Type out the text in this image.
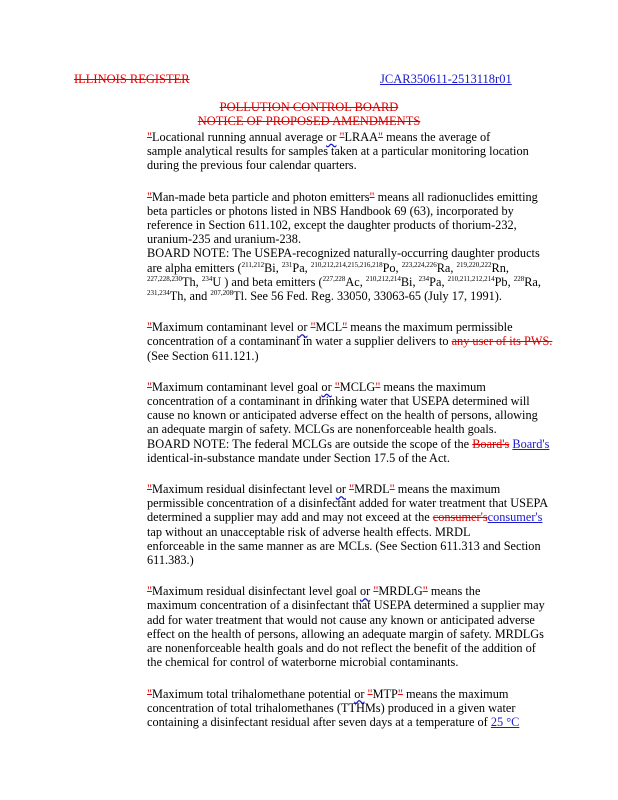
ILLINOIS REGISTER	JCAR350611-2513118r01
POLLUTION CONTROL BOARD
NOTICE OF PROPOSED AMENDMENTS

"Locational running annual average or "LRAA" means the average of
sample analytical results for samples taken at a particular monitoring location
during the previous four calendar quarters.

"Man-made beta particle and photon emitters" means all radionuclides emitting
beta particles or photons listed in NBS Handbook 69 (63), incorporated by
reference in Section 611.102, except the daughter products of thorium-232,
uranium-235 and uranium-238.
BOARD NOTE: The USEPA-recognized naturally-occurring daughter products
are alpha emitters ($^{211,212}$Bi, $^{231}$Pa, $^{210,212,214,215,216,218}$Po, $^{223,224,226}$Ra, $^{219,220,222}$Rn,
$^{227,228,230}$Th, $^{234}$U ) and beta emitters ($^{227,228}$Ac, $^{210,212,214}$Bi, $^{234}$Pa, $^{210,211,212,214}$Pb, $^{228}$Ra,
$^{231,234}$Th, and $^{207,208}$Tl. See 56 Fed. Reg. 33050, 33063-65 (July 17, 1991).

"Maximum contaminant level or "MCL" means the maximum permissible
concentration of a contaminant in water a supplier delivers to any user of its PWS.
(See Section 611.121.)

"Maximum contaminant level goal or "MCLG" means the maximum
concentration of a contaminant in drinking water that USEPA determined will
cause no known or anticipated adverse effect on the health of persons, allowing
an adequate margin of safety. MCLGs are nonenforceable health goals.
BOARD NOTE: The federal MCLGs are outside the scope of the Board's Board's
identical-in-substance mandate under Section 17.5 of the Act.

"Maximum residual disinfectant level or "MRDL" means the maximum
permissible concentration of a disinfectant added for water treatment that USEPA
determined a supplier may add and may not exceed at the consumer'sconsumer's
tap without an unacceptable risk of adverse health effects. MRDL
enforceable in the same manner as are MCLs. (See Section 611.313 and Section
611.383.)

"Maximum residual disinfectant level goal or "MRDLG" means the
maximum concentration of a disinfectant that USEPA determined a supplier may
add for water treatment that would not cause any known or anticipated adverse
effect on the health of persons, allowing an adequate margin of safety. MRDLGs
are nonenforceable health goals and do not reflect the benefit of the addition of
the chemical for control of waterborne microbial contaminants.

"Maximum total trihalomethane potential or "MTP" means the maximum
concentration of total trihalomethanes (TTHMs) produced in a given water
containing a disinfectant residual after seven days at a temperature of 25 °C
